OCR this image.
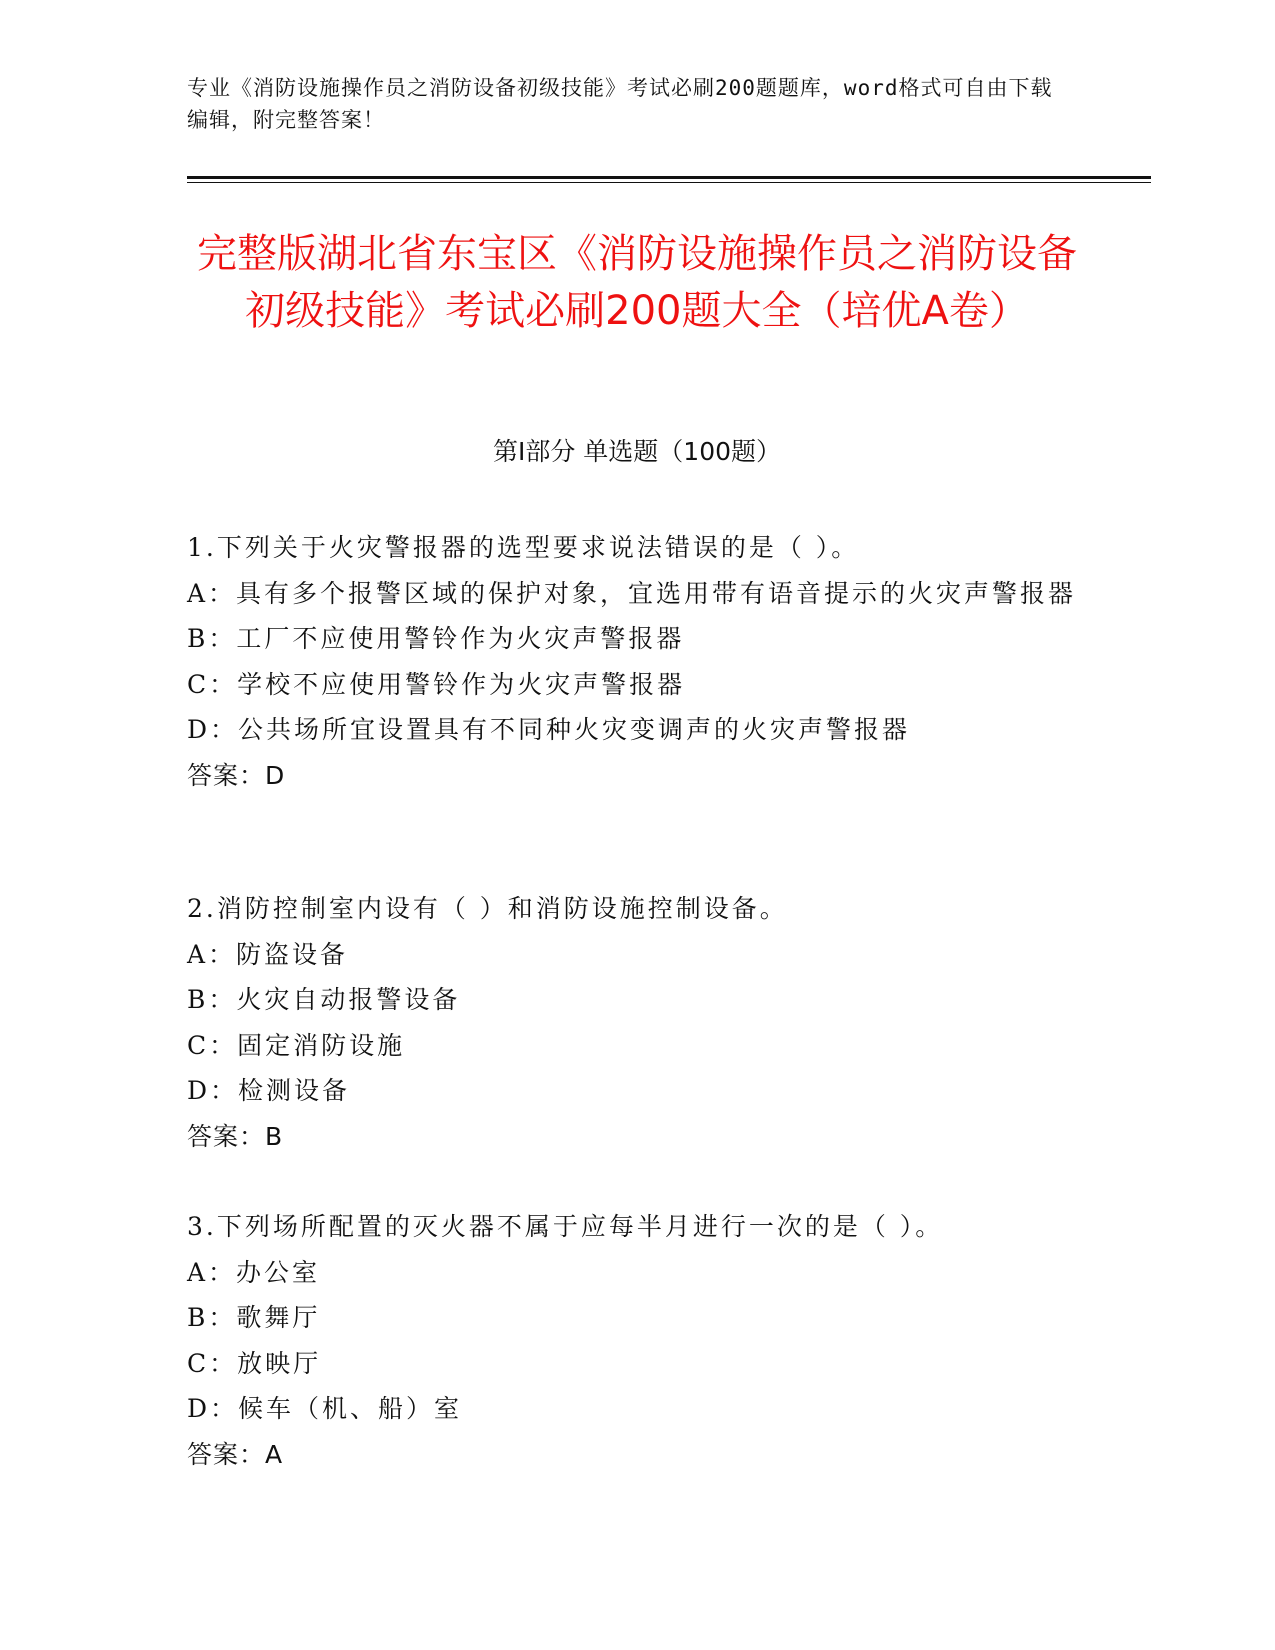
专业《消防设施操作员之消防设备初级技能》考试必刷200题题库，word格式可自由下载编辑，附完整答案！
完整版湖北省东宝区《消防设施操作员之消防设备初级技能》考试必刷200题大全（培优A卷）
第I部分 单选题（100题）

1.下列关于火灾警报器的选型要求说法错误的是（ ）。

A：具有多个报警区域的保护对象，宜选用带有语音提示的火灾声警报器

B：工厂不应使用警铃作为火灾声警报器

C：学校不应使用警铃作为火灾声警报器

D：公共场所宜设置具有不同种火灾变调声的火灾声警报器

答案：D

2.消防控制室内设有（ ）和消防设施控制设备。

A：防盗设备

B：火灾自动报警设备

C：固定消防设施

D：检测设备

答案：B

3.下列场所配置的灭火器不属于应每半月进行一次的是（ ）。

A：办公室

B：歌舞厅

C：放映厅

D：候车（机、船）室

答案：A
